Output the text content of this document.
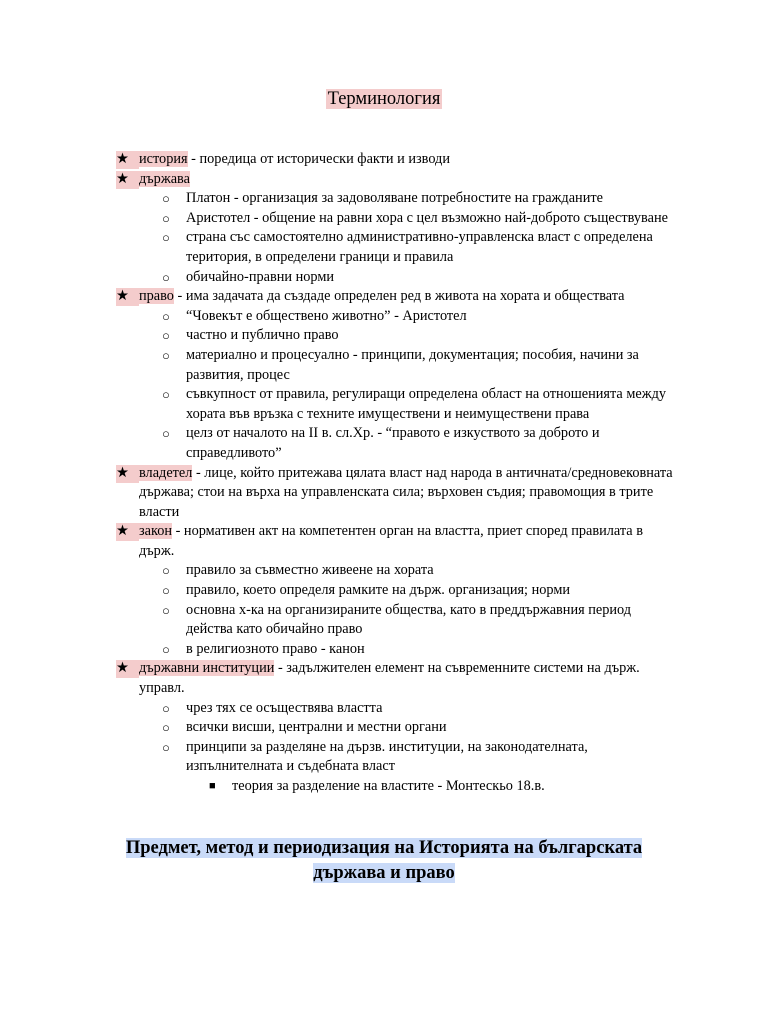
Терминология
★ история - поредица от исторически факти и изводи
★ държава
○ Платон - организация за задоволяване потребностите на гражданите
○ Аристотел - общение на равни хора с цел възможно най-доброто съществуване
○ страна със самостоятелно административно-управленска власт с определена територия, в определени граници и правила
○ обичайно-правни норми
★ право - има задачата да създаде определен ред в живота на хората и обществата
○ “Човекът е обществено животно” - Аристотел
○ частно и публично право
○ материално и процесуално - принципи, документация; пособия, начини за развития, процес
○ съвкупност от правила, регулиращи определена област на отношенията между хората във връзка с техните имуществени и неимуществени права
○ целз от началото на II в. сл.Хр. - “правото е изкуството за доброто и справедливото”
★ владетел - лице, който притежава цялата власт над народа в античната/средновековната държава; стои на върха на управленската сила; върховен съдия; правомощия в трите власти
★ закон - нормативен акт на компетентен орган на властта, приет според правилата в държ.
○ правило за съвместно живеене на хората
○ правило, което определя рамките на държ. организация; норми
○ основна х-ка на организираните общества, като в преддържавния период действа като обичайно право
○ в религиозното право - канон
★ държавни институции - задължителен елемент на съвременните системи на държ. управл.
○ чрез тях се осъществява властта
○ всички висши, централни и местни органи
○ принципи за разделяне на дързв. институции, на законодателната, изпълнителната и съдебната власт
■ теория за разделение на властите - Монтескьо 18.в.
Предмет, метод и периодизация на Историята на българската държава и право
